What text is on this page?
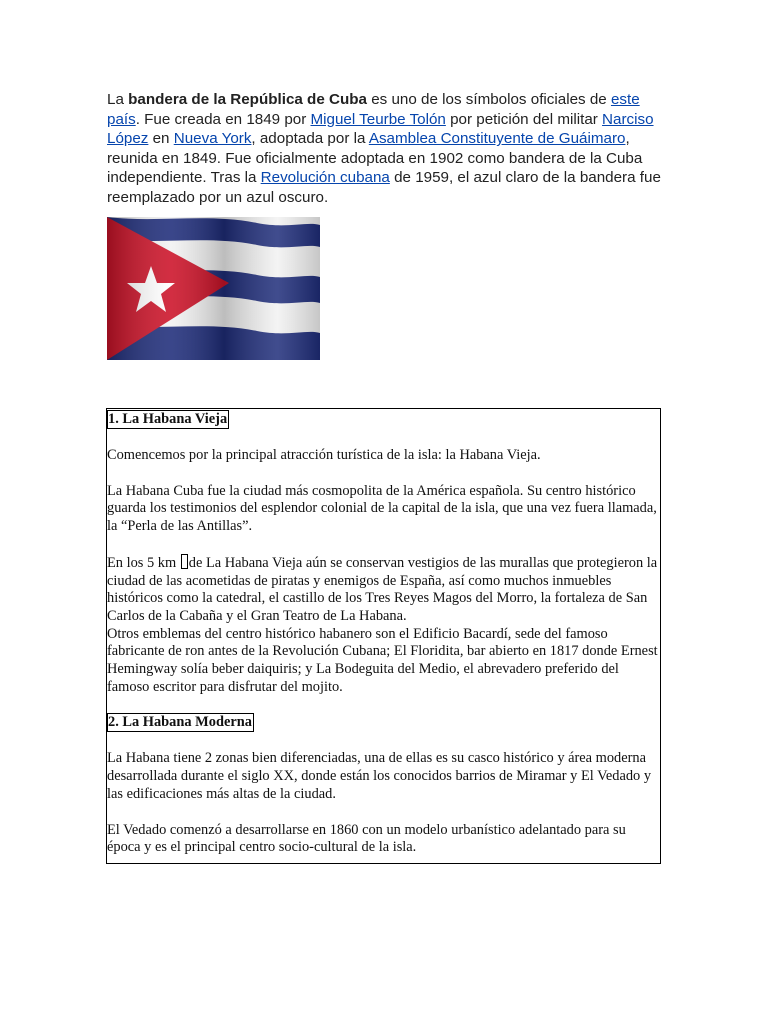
La bandera de la República de Cuba es uno de los símbolos oficiales de este país. Fue creada en 1849 por Miguel Teurbe Tolón por petición del militar Narciso López en Nueva York, adoptada por la Asamblea Constituyente de Guáimaro, reunida en 1849. Fue oficialmente adoptada en 1902 como bandera de la Cuba independiente. Tras la Revolución cubana de 1959, el azul claro de la bandera fue reemplazado por un azul oscuro.

1. La Habana Vieja

Comencemos por la principal atracción turística de la isla: la Habana Vieja.

La Habana Cuba fue la ciudad más cosmopolita de la América española. Su centro histórico guarda los testimonios del esplendor colonial de la capital de la isla, que una vez fuera llamada, la “Perla de las Antillas”.

En los 5 km de La Habana Vieja aún se conservan vestigios de las murallas que protegieron la ciudad de las acometidas de piratas y enemigos de España, así como muchos inmuebles históricos como la catedral, el castillo de los Tres Reyes Magos del Morro, la fortaleza de San Carlos de la Cabaña y el Gran Teatro de La Habana.

Otros emblemas del centro histórico habanero son el Edificio Bacardí, sede del famoso fabricante de ron antes de la Revolución Cubana; El Floridita, bar abierto en 1817 donde Ernest Hemingway solía beber daiquiris; y La Bodeguita del Medio, el abrevadero preferido del famoso escritor para disfrutar del mojito.

2. La Habana Moderna

La Habana tiene 2 zonas bien diferenciadas, una de ellas es su casco histórico y área moderna desarrollada durante el siglo XX, donde están los conocidos barrios de Miramar y El Vedado y las edificaciones más altas de la ciudad.

El Vedado comenzó a desarrollarse en 1860 con un modelo urbanístico adelantado para su época y es el principal centro socio-cultural de la isla.
